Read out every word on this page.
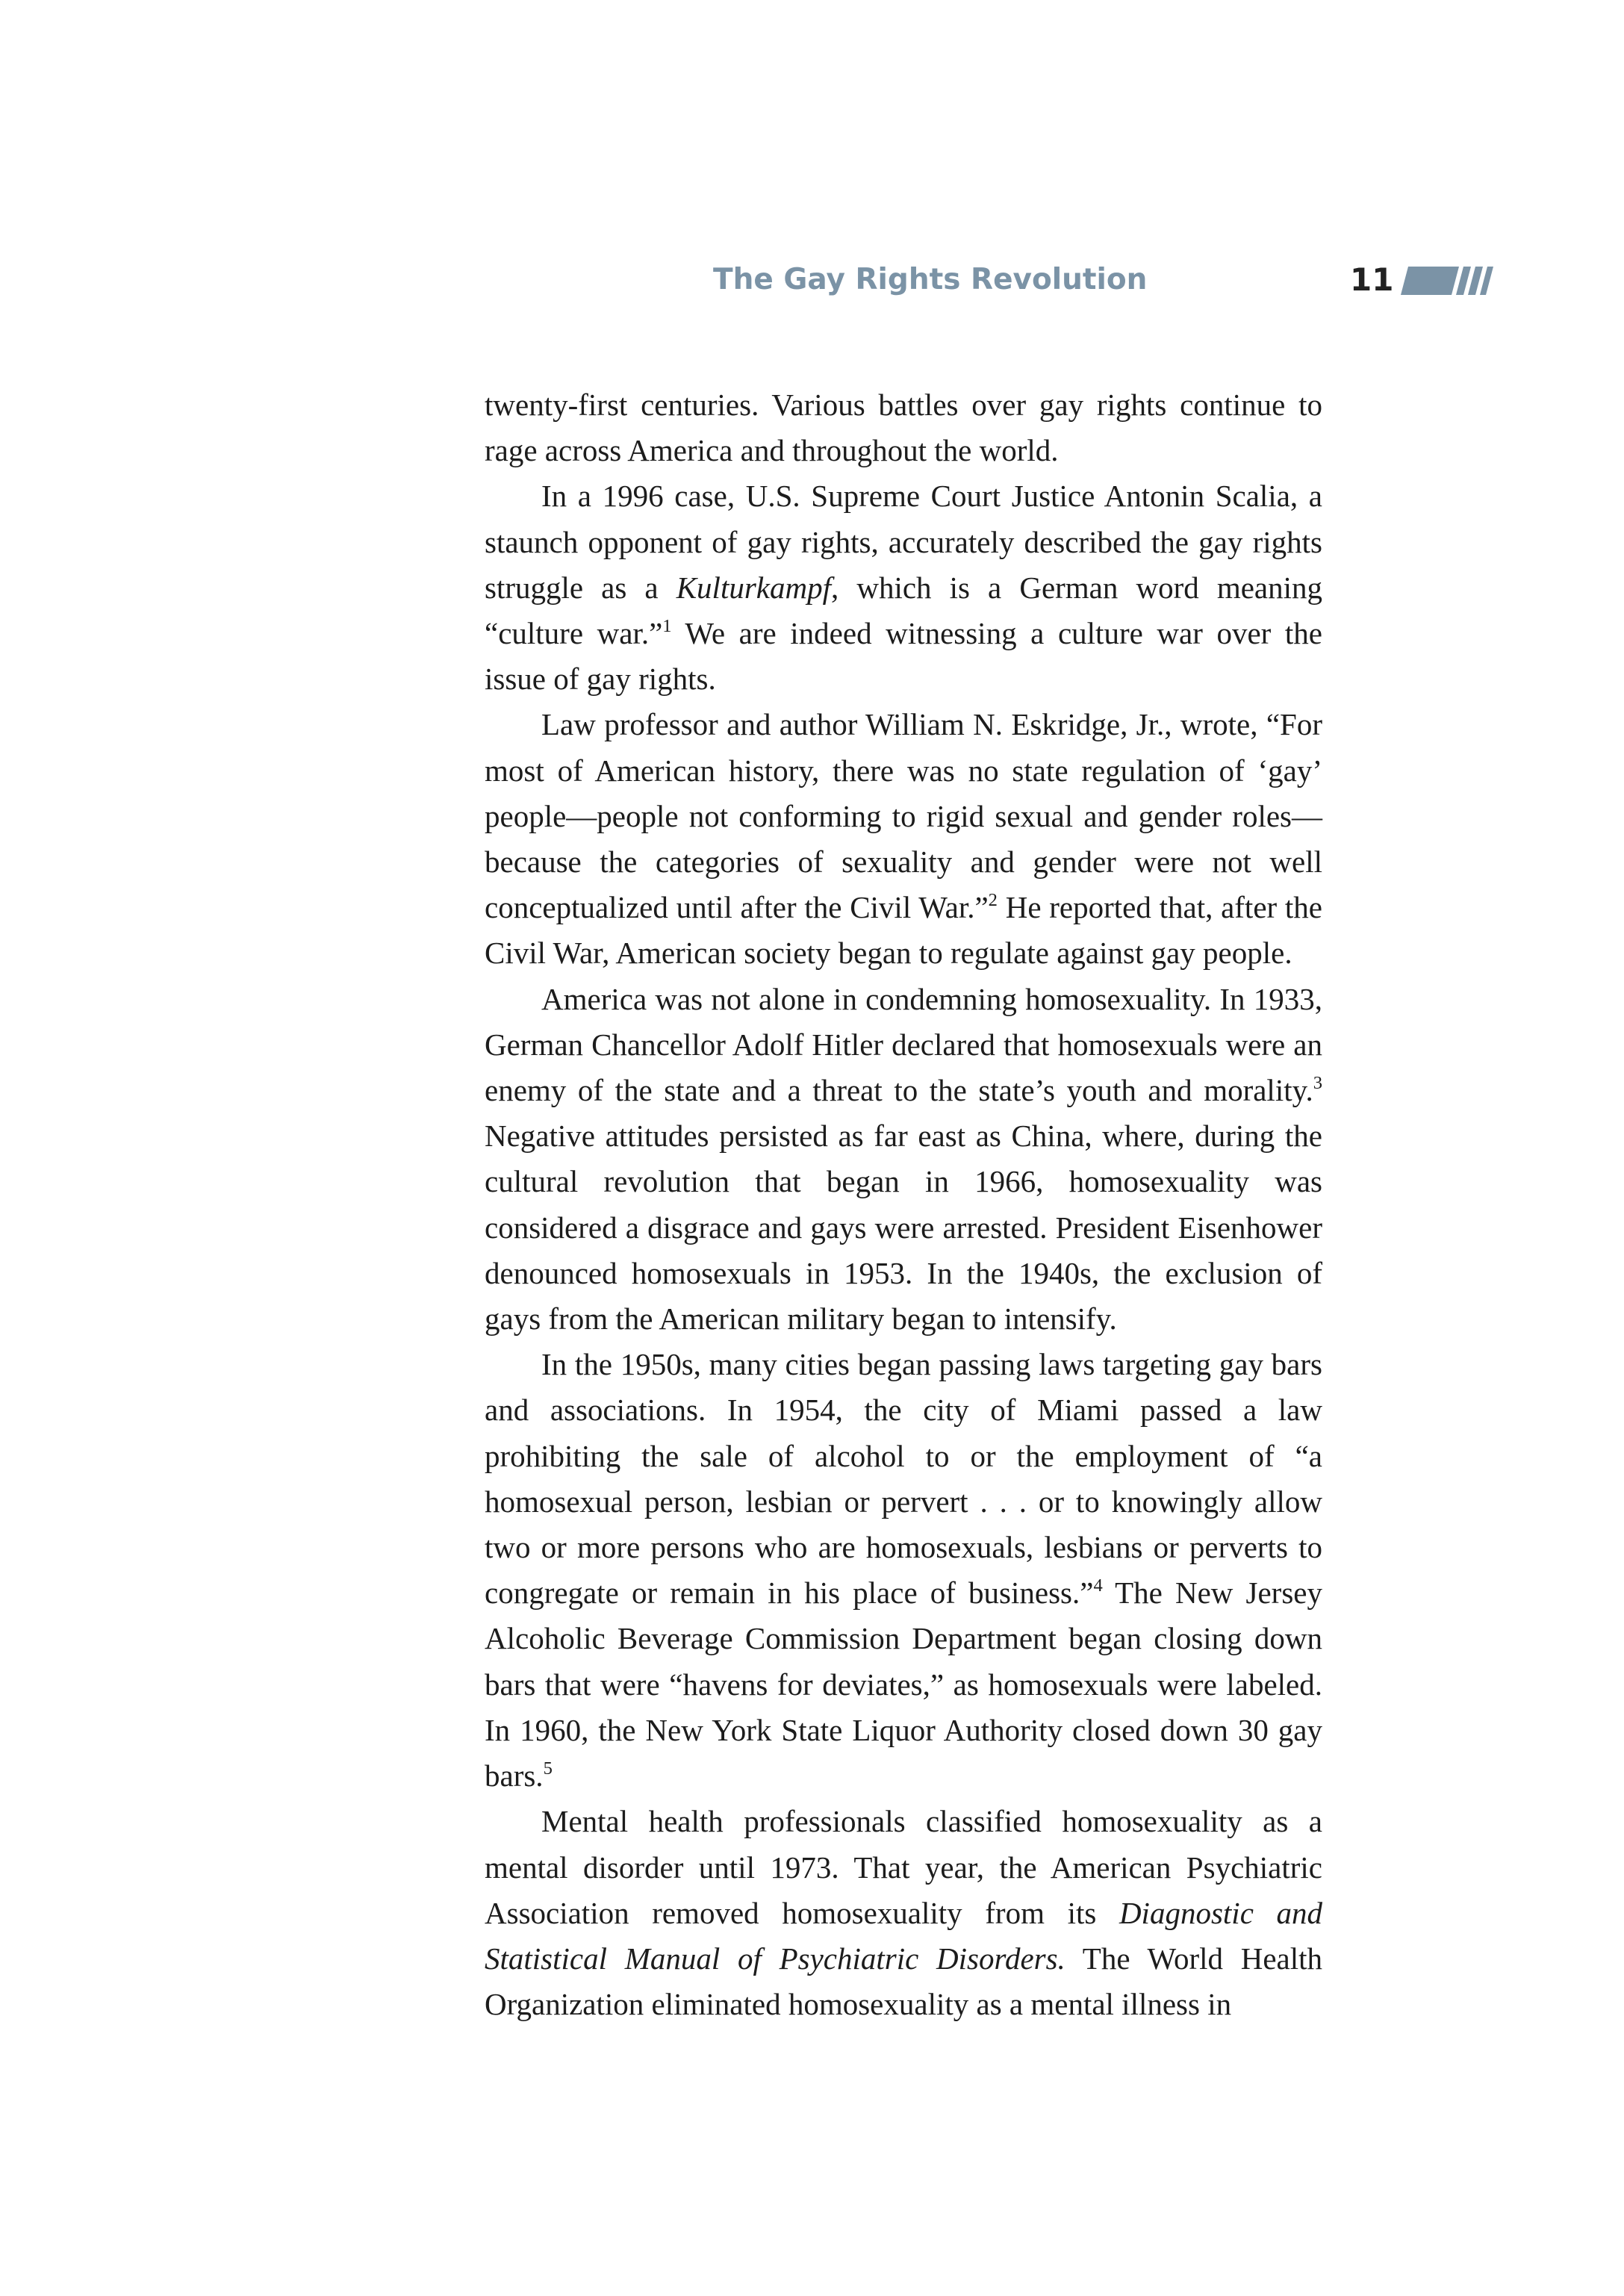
The Gay Rights Revolution	11

twenty-first centuries. Various battles over gay rights continue to rage across America and throughout the world.

In a 1996 case, U.S. Supreme Court Justice Antonin Scalia, a staunch opponent of gay rights, accurately described the gay rights struggle as a Kulturkampf, which is a German word meaning “culture war.”$^1$ We are indeed witnessing a culture war over the issue of gay rights.

Law professor and author William N. Eskridge, Jr., wrote, “For most of American history, there was no state regulation of ‘gay’ people—people not conforming to rigid sexual and gender roles—because the categories of sexuality and gender were not well conceptualized until after the Civil War.”$^2$ He reported that, after the Civil War, American society began to regulate against gay people.

America was not alone in condemning homosexuality. In 1933, German Chancellor Adolf Hitler declared that homosexuals were an enemy of the state and a threat to the state’s youth and morality.$^3$ Negative attitudes persisted as far east as China, where, during the cultural revolution that began in 1966, homosexuality was considered a disgrace and gays were arrested. President Eisenhower denounced homosexuals in 1953. In the 1940s, the exclusion of gays from the American military began to intensify.

In the 1950s, many cities began passing laws targeting gay bars and associations. In 1954, the city of Miami passed a law prohibiting the sale of alcohol to or the employment of “a homosexual person, lesbian or pervert . . . or to knowingly allow two or more persons who are homosexuals, lesbians or perverts to congregate or remain in his place of business.”$^4$ The New Jersey Alcoholic Beverage Commission Department began closing down bars that were “havens for deviates,” as homosexuals were labeled. In 1960, the New York State Liquor Authority closed down 30 gay bars.$^5$

Mental health professionals classified homosexuality as a mental disorder until 1973. That year, the American Psychiatric Association removed homosexuality from its Diagnostic and Statistical Manual of Psychiatric Disorders. The World Health Organization eliminated homosexuality as a mental illness in
